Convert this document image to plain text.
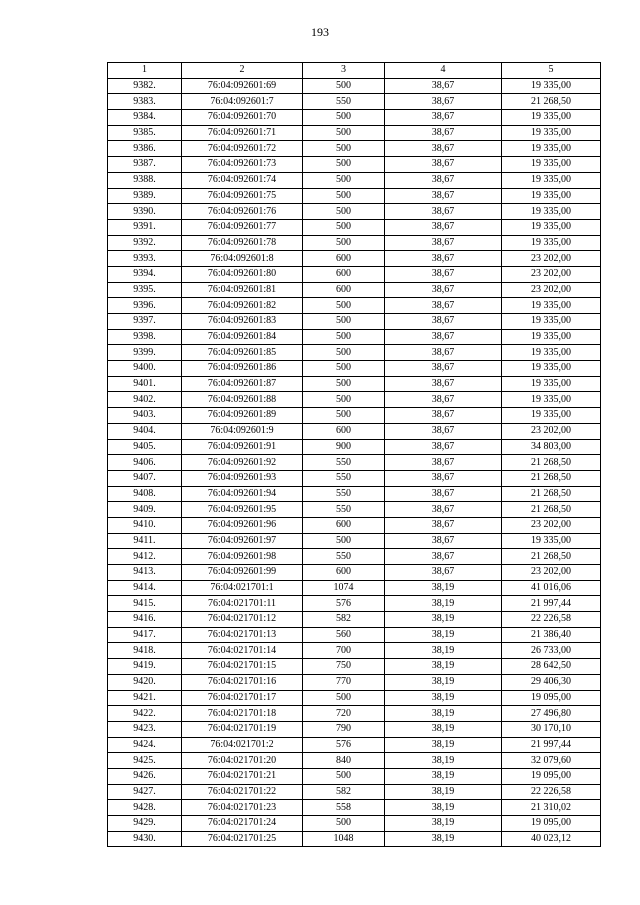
193
1	2	3	4	5
9382.	76:04:092601:69	500	38,67	19 335,00
9383.	76:04:092601:7	550	38,67	21 268,50
9384.	76:04:092601:70	500	38,67	19 335,00
9385.	76:04:092601:71	500	38,67	19 335,00
9386.	76:04:092601:72	500	38,67	19 335,00
9387.	76:04:092601:73	500	38,67	19 335,00
9388.	76:04:092601:74	500	38,67	19 335,00
9389.	76:04:092601:75	500	38,67	19 335,00
9390.	76:04:092601:76	500	38,67	19 335,00
9391.	76:04:092601:77	500	38,67	19 335,00
9392.	76:04:092601:78	500	38,67	19 335,00
9393.	76:04:092601:8	600	38,67	23 202,00
9394.	76:04:092601:80	600	38,67	23 202,00
9395.	76:04:092601:81	600	38,67	23 202,00
9396.	76:04:092601:82	500	38,67	19 335,00
9397.	76:04:092601:83	500	38,67	19 335,00
9398.	76:04:092601:84	500	38,67	19 335,00
9399.	76:04:092601:85	500	38,67	19 335,00
9400.	76:04:092601:86	500	38,67	19 335,00
9401.	76:04:092601:87	500	38,67	19 335,00
9402.	76:04:092601:88	500	38,67	19 335,00
9403.	76:04:092601:89	500	38,67	19 335,00
9404.	76:04:092601:9	600	38,67	23 202,00
9405.	76:04:092601:91	900	38,67	34 803,00
9406.	76:04:092601:92	550	38,67	21 268,50
9407.	76:04:092601:93	550	38,67	21 268,50
9408.	76:04:092601:94	550	38,67	21 268,50
9409.	76:04:092601:95	550	38,67	21 268,50
9410.	76:04:092601:96	600	38,67	23 202,00
9411.	76:04:092601:97	500	38,67	19 335,00
9412.	76:04:092601:98	550	38,67	21 268,50
9413.	76:04:092601:99	600	38,67	23 202,00
9414.	76:04:021701:1	1074	38,19	41 016,06
9415.	76:04:021701:11	576	38,19	21 997,44
9416.	76:04:021701:12	582	38,19	22 226,58
9417.	76:04:021701:13	560	38,19	21 386,40
9418.	76:04:021701:14	700	38,19	26 733,00
9419.	76:04:021701:15	750	38,19	28 642,50
9420.	76:04:021701:16	770	38,19	29 406,30
9421.	76:04:021701:17	500	38,19	19 095,00
9422.	76:04:021701:18	720	38,19	27 496,80
9423.	76:04:021701:19	790	38,19	30 170,10
9424.	76:04:021701:2	576	38,19	21 997,44
9425.	76:04:021701:20	840	38,19	32 079,60
9426.	76:04:021701:21	500	38,19	19 095,00
9427.	76:04:021701:22	582	38,19	22 226,58
9428.	76:04:021701:23	558	38,19	21 310,02
9429.	76:04:021701:24	500	38,19	19 095,00
9430.	76:04:021701:25	1048	38,19	40 023,12
